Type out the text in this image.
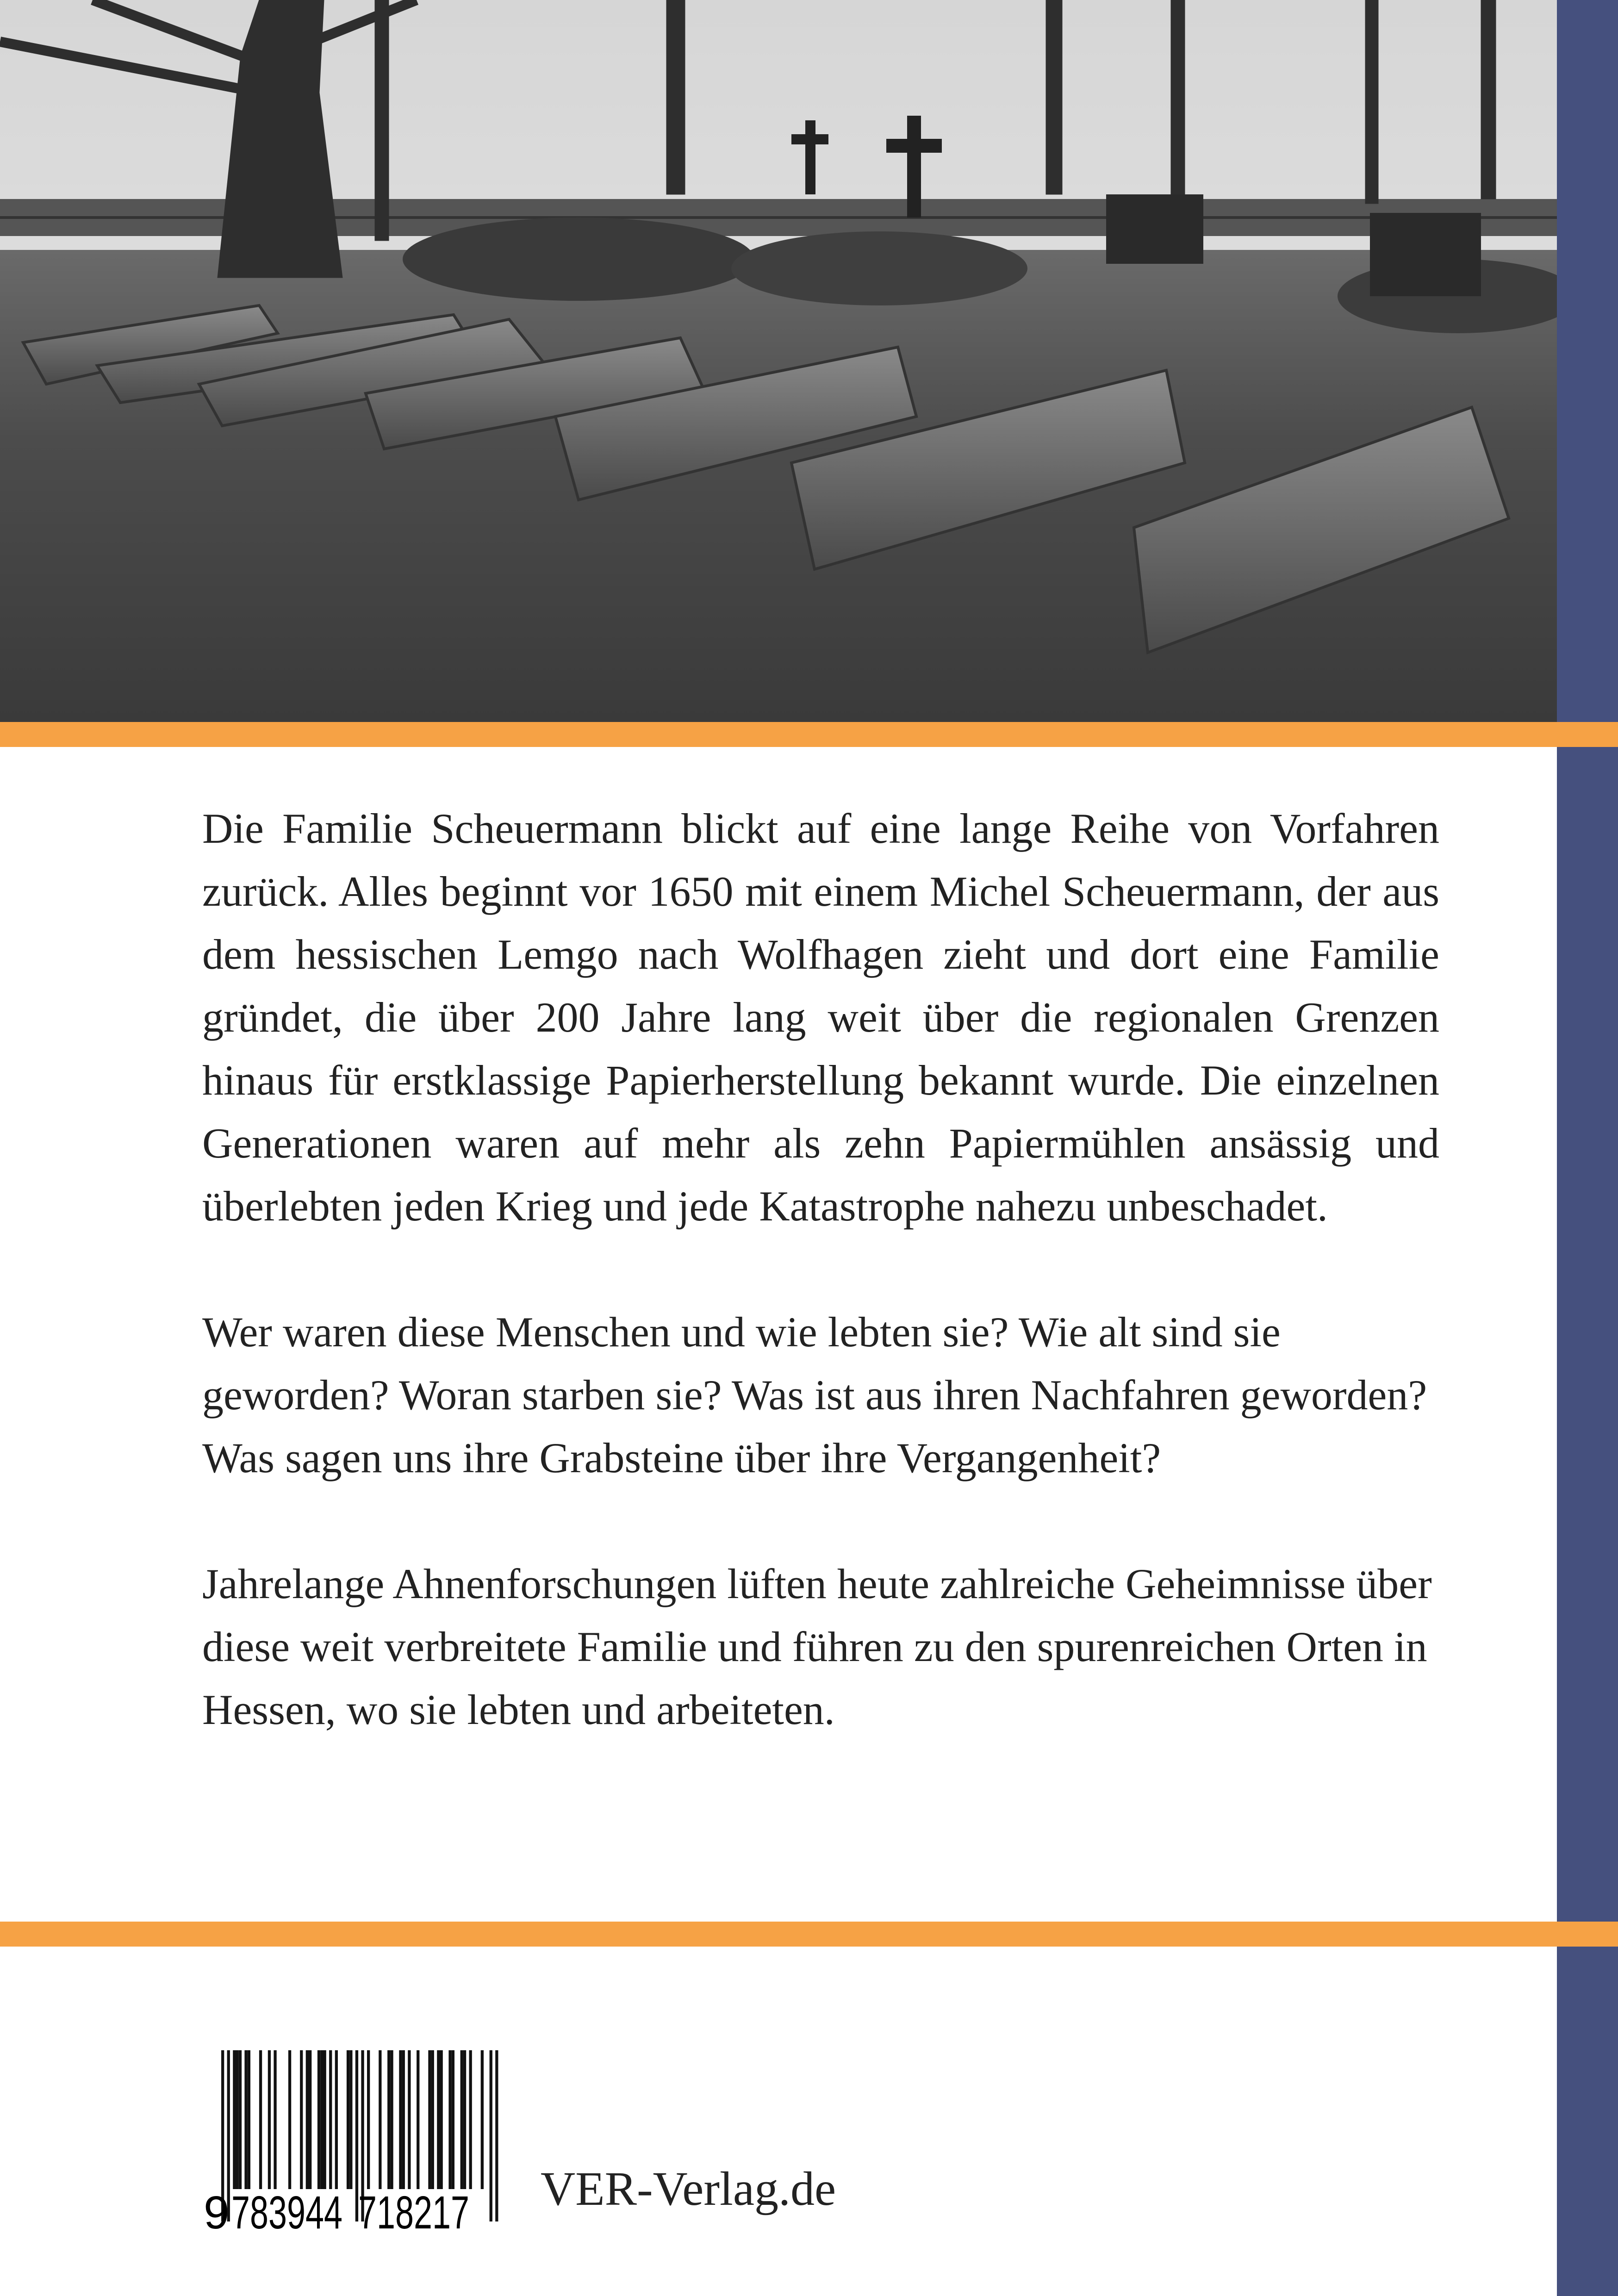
Die Familie Scheuermann blickt auf eine lange Reihe von Vorfahren zurück. Alles beginnt vor 1650 mit einem Michel Scheuermann, der aus dem hessischen Lemgo nach Wolfhagen zieht und dort eine Familie gründet, die über 200 Jahre lang weit über die regionalen Grenzen hinaus für erstklassige Papierherstellung bekannt wurde. Die einzelnen Generationen waren auf mehr als zehn Papiermühlen ansässig und überlebten jeden Krieg und jede Katastrophe nahezu unbeschadet.

Wer waren diese Menschen und wie lebten sie? Wie alt sind sie geworden? Woran starben sie? Was ist aus ihren Nachfahren geworden? Was sagen uns ihre Grabsteine über ihre Vergangenheit?

Jahrelange Ahnenforschungen lüften heute zahlreiche Geheimnisse über diese weit verbreitete Familie und führen zu den spurenreichen Orten in Hessen, wo sie lebten und arbeiteten.

9 783944 718217 VER-Verlag.de
